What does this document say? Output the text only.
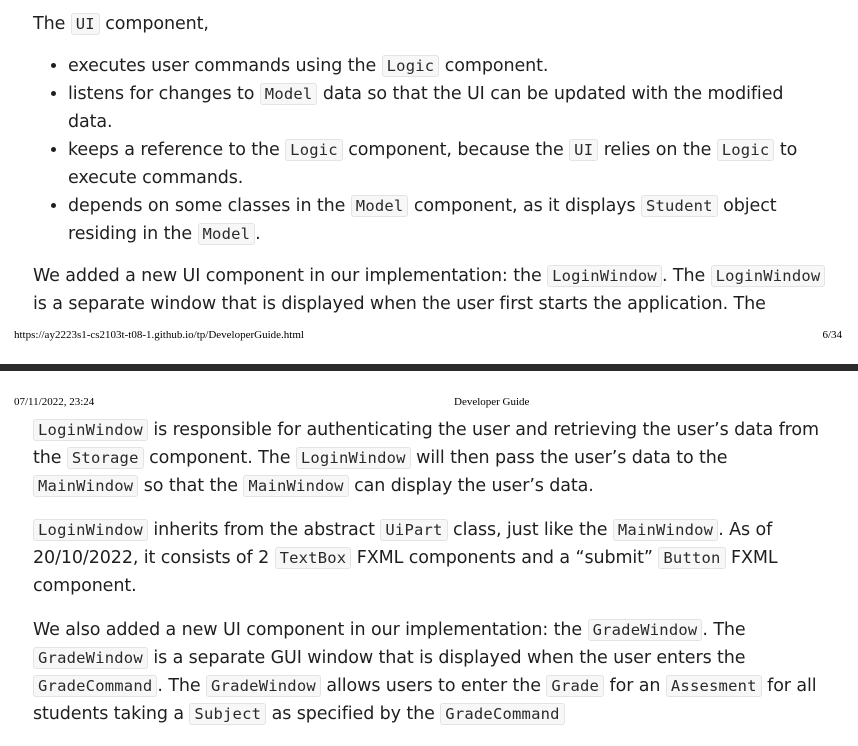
The UI component,

• executes user commands using the Logic component.
• listens for changes to Model data so that the UI can be updated with the modified data.
• keeps a reference to the Logic component, because the UI relies on the Logic to execute commands.
• depends on some classes in the Model component, as it displays Student object residing in the Model .

We added a new UI component in our implementation: the LoginWindow . The LoginWindow is a separate window that is displayed when the user first starts the application. The

https://ay2223s1-cs2103t-t08-1.github.io/tp/DeveloperGuide.html	6/34
07/11/2022, 23:24	Developer Guide

LoginWindow is responsible for authenticating the user and retrieving the user’s data from the Storage component. The LoginWindow will then pass the user’s data to the MainWindow so that the MainWindow can display the user’s data.

LoginWindow inherits from the abstract UiPart class, just like the MainWindow . As of 20/10/2022, it consists of 2 TextBox FXML components and a “submit” Button FXML component.

We also added a new UI component in our implementation: the GradeWindow . The GradeWindow is a separate GUI window that is displayed when the user enters the GradeCommand . The GradeWindow allows users to enter the Grade for an Assesment for all students taking a Subject as specified by the GradeCommand
